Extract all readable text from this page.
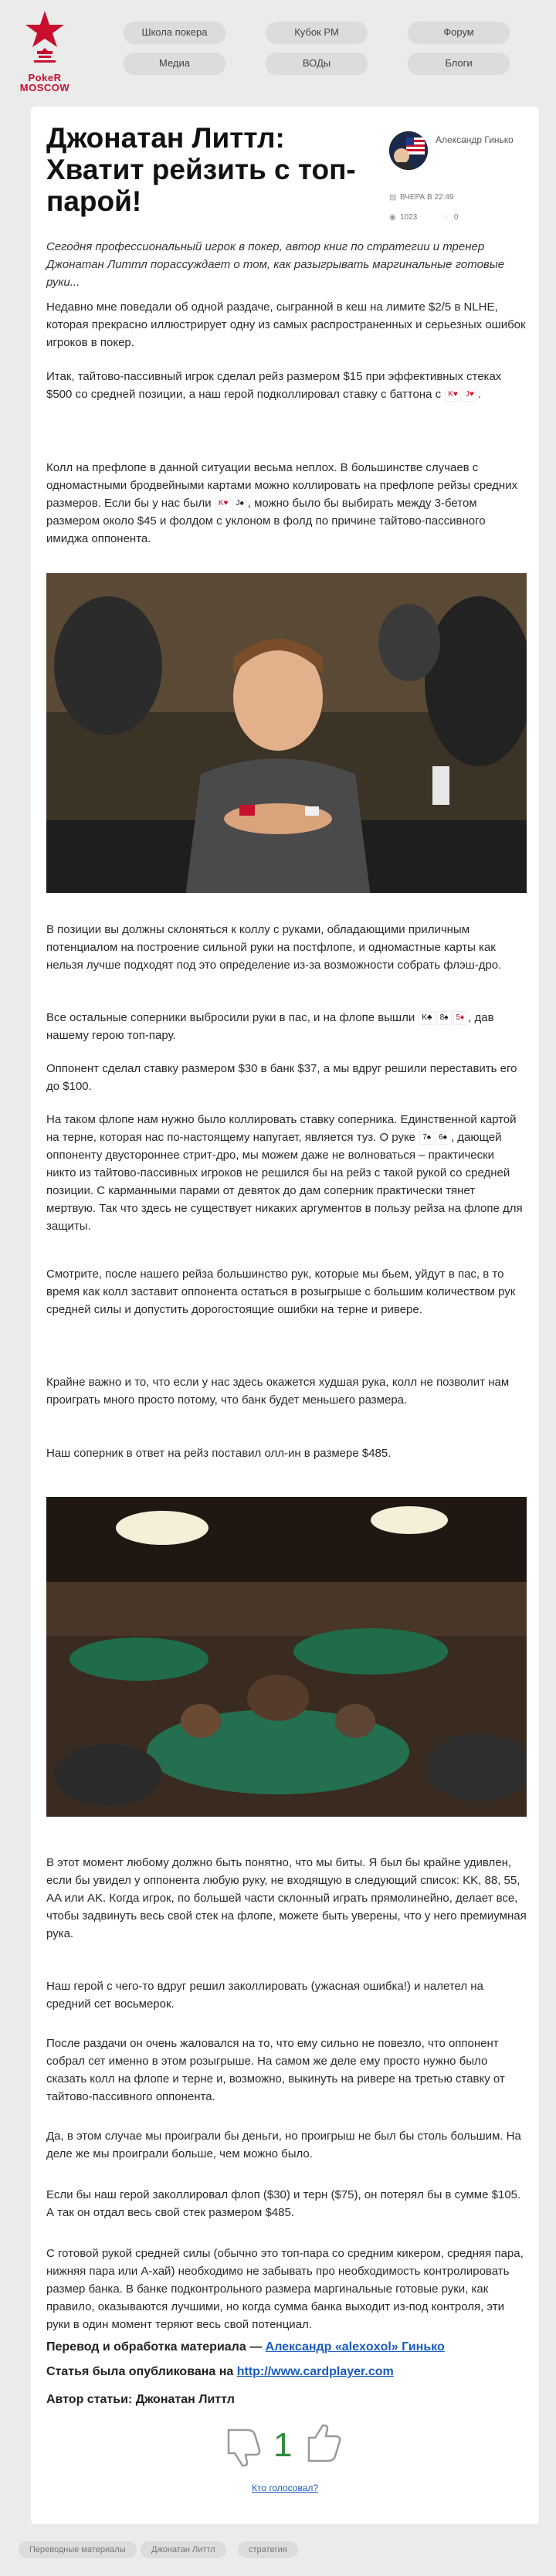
PokeR
MOSCOW
Школа покера	Кубок РМ	Форум
Медиа	ВОДы	Блоги
Джонатан Литтл: Хватит рейзить с топ-парой!
Александр Гинько
▤ ВЧЕРА В 22:49
◉ 1023	◌ 0

Сегодня профессиональный игрок в покер, автор книг по стратегии и тренер Джонатан Литтл порассуждает о том, как разыгрывать маргинальные готовые руки...

Недавно мне поведали об одной раздаче, сыгранной в кеш на лимите $2/5 в NLHE, которая прекрасно иллюстрирует одну из самых распространенных и серьезных ошибок игроков в покер.

Итак, тайтово-пассивный игрок сделал рейз размером $15 при эффективных стеках $500 со средней позиции, а наш герой подколлировал ставку с баттона с K♥ J♥ .

Колл на префлопе в данной ситуации весьма неплох. В большинстве случаев с одномастными бродвейными картами можно коллировать на префлопе рейзы средних размеров. Если бы у нас были K♥ J♠ , можно было бы выбирать между 3-бетом размером около $45 и фолдом с уклоном в фолд по причине тайтово-пассивного имиджа оппонента.

В позиции вы должны склоняться к коллу с руками, обладающими приличным потенциалом на построение сильной руки на постфлопе, и одномастные карты как нельзя лучше подходят под это определение из-за возможности собрать флэш-дро.

Все остальные соперники выбросили руки в пас, и на флопе вышли K♣ 8♠ 5♦ , дав нашему герою топ-пару.

Оппонент сделал ставку размером $30 в банк $37, а мы вдруг решили переставить его до $100.

На таком флопе нам нужно было коллировать ставку соперника. Единственной картой на терне, которая нас по-настоящему напугает, является туз. О руке 7♠ 6♠ , дающей оппоненту двустороннее стрит-дро, мы можем даже не волноваться – практически никто из тайтово-пассивных игроков не решился бы на рейз с такой рукой со средней позиции. С карманными парами от девяток до дам соперник практически тянет мертвую. Так что здесь не существует никаких аргументов в пользу рейза на флопе для защиты.

Смотрите, после нашего рейза большинство рук, которые мы бьем, уйдут в пас, в то время как колл заставит оппонента остаться в розыгрыше с большим количеством рук средней силы и допустить дорогостоящие ошибки на терне и ривере.

Крайне важно и то, что если у нас здесь окажется худшая рука, колл не позволит нам проиграть много просто потому, что банк будет меньшего размера.

Наш соперник в ответ на рейз поставил олл-ин в размере $485.

В этот момент любому должно быть понятно, что мы биты. Я был бы крайне удивлен, если бы увидел у оппонента любую руку, не входящую в следующий список: KK, 88, 55, AA или AK. Когда игрок, по большей части склонный играть прямолинейно, делает все, чтобы задвинуть весь свой стек на флопе, можете быть уверены, что у него премиумная рука.

Наш герой с чего-то вдруг решил заколлировать (ужасная ошибка!) и налетел на средний сет восьмерок.

После раздачи он очень жаловался на то, что ему сильно не повезло, что оппонент собрал сет именно в этом розыгрыше. На самом же деле ему просто нужно было сказать колл на флопе и терне и, возможно, выкинуть на ривере на третью ставку от тайтово-пассивного оппонента.

Да, в этом случае мы проиграли бы деньги, но проигрыш не был бы столь большим. На деле же мы проиграли больше, чем можно было.

Если бы наш герой заколлировал флоп ($30) и терн ($75), он потерял бы в сумме $105. А так он отдал весь свой стек размером $485.

С готовой рукой средней силы (обычно это топ-пара со средним кикером, средняя пара, нижняя пара или A-хай) необходимо не забывать про необходимость контролировать размер банка. В банке подконтрольного размера маргинальные готовые руки, как правило, оказываются лучшими, но когда сумма банка выходит из-под контроля, эти руки в один момент теряют весь свой потенциал.

Перевод и обработка материала — Александр «alexoxol» Гинько

Статья была опубликована на http://www.cardplayer.com

Автор статьи: Джонатан Литтл

1
Кто голосовал?
Переводные материалы	Джонатан Литтл	стратегия
